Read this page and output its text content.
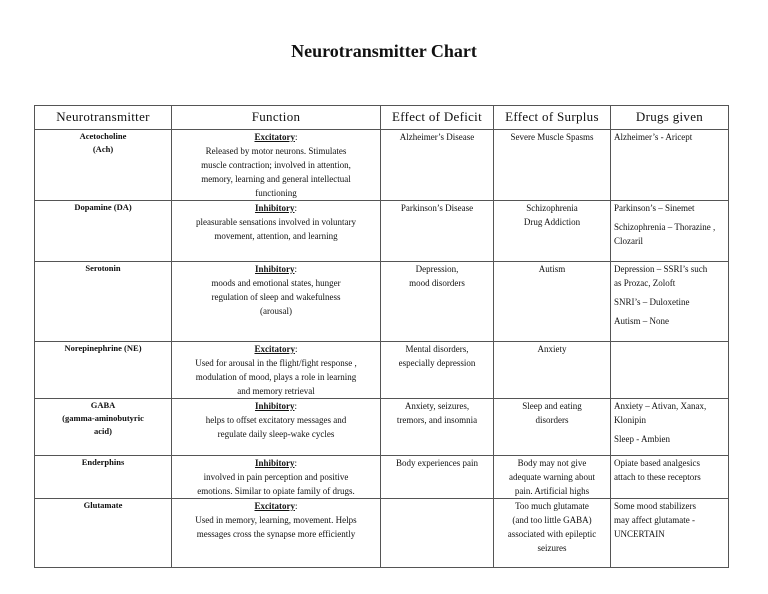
Neurotransmitter Chart
Neurotransmitter	Function	Effect of Deficit	Effect of Surplus	Drugs given

Acetocholine
(Ach)	Excitatory:
Released by motor neurons. Stimulates
muscle contraction; involved in attention,
memory, learning and general intellectual
functioning	Alzheimer’s Disease	Severe Muscle Spasms	Alzheimer’s - Aricept

Dopamine (DA)	Inhibitory:
pleasurable sensations involved in voluntary
movement, attention, and learning	Parkinson’s Disease	Schizophrenia
Drug Addiction	Parkinson’s – Sinemet
Schizophrenia – Thorazine ,
Clozaril

Serotonin	Inhibitory:
moods and emotional states, hunger
regulation of sleep and wakefulness
(arousal)	Depression,
mood disorders	Autism	Depression – SSRI’s such
as Prozac, Zoloft
SNRI’s – Duloxetine
Autism – None

Norepinephrine (NE)	Excitatory:
Used for arousal in the flight/fight response ,
modulation of mood, plays a role in learning
and memory retrieval	Mental disorders,
especially depression	Anxiety	

GABA
(gamma-aminobutyric
acid)	Inhibitory:
helps to offset excitatory messages and
regulate daily sleep-wake cycles	Anxiety, seizures,
tremors, and insomnia	Sleep and eating
disorders	Anxiety – Ativan, Xanax,
Klonipin
Sleep - Ambien

Enderphins	Inhibitory:
involved in pain perception and positive
emotions. Similar to opiate family of drugs.	Body experiences pain	Body may not give
adequate warning about
pain. Artificial highs	Opiate based analgesics
attach to these receptors

Glutamate	Excitatory:
Used in memory, learning, movement. Helps
messages cross the synapse more efficiently		Too much glutamate
(and too little GABA)
associated with epileptic
seizures	Some mood stabilizers
may affect glutamate -
UNCERTAIN
